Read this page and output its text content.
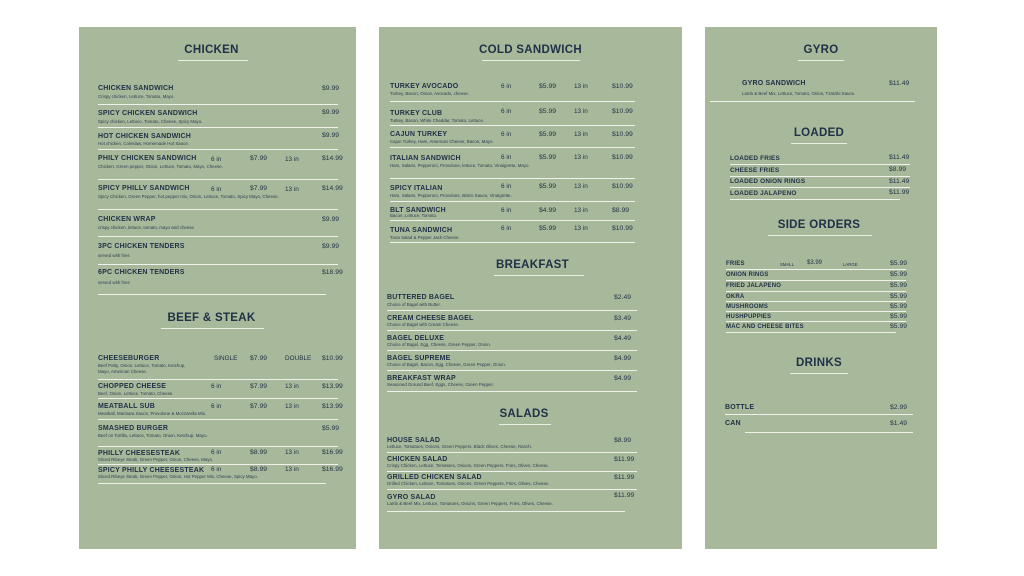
CHICKEN
CHICKEN SANDWICH
Crispy chicken, Lettuce, Tomato, Mayo.
$9.99
SPICY CHICKEN SANDWICH
Spicy chicken, Lettuce, Tomato, Cheese, Spicy Mayo.
$9.99
HOT CHICKEN SANDWICH
Hot chicken, Coleslaw, Homemade Hot Sauce.
$9.99
PHILY CHICKEN SANDWICH
Chicken, Green pepper, Onion, Lettuce, Tomato, Mayo, Cheese.
6 in	$7.99	13 in	$14.99
SPICY PHILLY SANDWICH
Spicy Chicken, Green Pepper, hot pepper mix, Onion, Lettuce, Tomato, Spicy Mayo, Cheese.
6 in	$7.99	13 in	$14.99
CHICKEN WRAP
crispy chicken, lettuce, tomato, mayo and cheese
$9.99
3PC CHICKEN TENDERS
served with fries
$9.99
6PC CHICKEN TENDERS
served with fries
$18.99
BEEF & STEAK
CHEESEBURGER
Beef Patty, Onion, Lettuce, Tomato, Ketchup, Mayo, American Cheese.
SINGLE $7.99	DOUBLE $10.99
CHOPPED CHEESE
Beef, Onion, Lettuce, Tomato, Cheese.
6 in	$7.99	13 in	$13.99
MEATBALL SUB
Meatball, Marinara Sauce, Provolone & Mozzarella Mix.
6 in	$7.99	13 in	$13.99
SMASHED BURGER
Beef on Tortilla, Lettuce, Tomato, Onion, Ketchup, Mayo.
$5.99
PHILLY CHEESESTEAK
Sliced Ribeye Steak, Green Pepper, Onion, Cheese, Mayo.
6 in	$8.99	13 in	$16.99
SPICY PHILLY CHEESESTEAK
Sliced Ribeye Steak, Green Pepper, Onion, Hot Pepper Mix, Cheese, Spicy Mayo.
6 in	$8.99	13 in	$16.99
COLD SANDWICH
TURKEY AVOCADO
Turkey, Bacon, Onion, Avocado, cheese.
6 in	$5.99	13 in	$10.99
TURKEY CLUB
Turkey, Bacon, White Cheddar, Tomato, Lettuce.
6 in	$5.99	13 in	$10.99
CAJUN TURKEY
Cajun Turkey, Ham, American Cheese, Bacon, Mayo.
6 in	$5.99	13 in	$10.99
ITALIAN SANDWICH
Ham, Salami, Pepperoni, Provolone, lettuce, Tomato, Vinaigrette, Mayo.
6 in	$5.99	13 in	$10.99
SPICY ITALIAN
Ham, Salami, Pepperoni, Provolone, Bistro Sauce, Vinaigrette.
6 in	$5.99	13 in	$10.99
BLT SANDWICH
Bacon, Lettuce, Tomato.
6 in	$4.99	13 in	$8.99
TUNA SANDWICH
Tuna Salad & Pepper Jack Cheese.
6 in	$5.99	13 in	$10.99
BREAKFAST
BUTTERED BAGEL
Choice of Bagel with Butter.
$2.49
CREAM CHEESE BAGEL
Choice of Bagel with Cream Cheese.
$3.49
BAGEL DELUXE
Choice of Bagel, Egg, Cheese, Green Pepper, Onion.
$4.49
BAGEL SUPREME
Choice of Bagel, Bacon, Egg, Cheese, Green Pepper, Onion.
$4.99
BREAKFAST WRAP
Seasoned Ground Beef, Eggs, Cheese, Green Pepper.
$4.99
SALADS
HOUSE SALAD
Lettuce, Tomatoes, Onions, Green Peppers, Black Olives, Cheese, Ranch.
$8.99
CHICKEN SALAD
Crispy Chicken, Lettuce, Tomatoes, Onions, Green Peppers, Fries, Olives, Cheese.
$11.99
GRILLED CHICKEN SALAD
Grilled Chicken, Lettuce, Tomatoes, Onions, Green Peppers, Fries, Olives, Cheese.
$11.99
GYRO SALAD
Lamb & Beef Mix, Lettuce, Tomatoes, Onions, Green Peppers, Fries, Olives, Cheese.
$11.99
GYRO
GYRO SANDWICH
Lamb & Beef Mix, Lettuce, Tomato, Onion, Tzatziki Sauce.
$11.49
LOADED
LOADED FRIES	$11.49
CHEESE FRIES	$8.99
LOADED ONION RINGS	$11.49
LOADED JALAPENO	$11.99
SIDE ORDERS
FRIES	SMALL $3.99	LARGE	$5.99
ONION RINGS	$5.99
FRIED JALAPENO	$5.99
OKRA	$5.99
MUSHROOMS	$5.99
HUSHPUPPIES	$5.99
MAC AND CHEESE BITES	$5.99
DRINKS
BOTTLE	$2.99
CAN	$1.49
